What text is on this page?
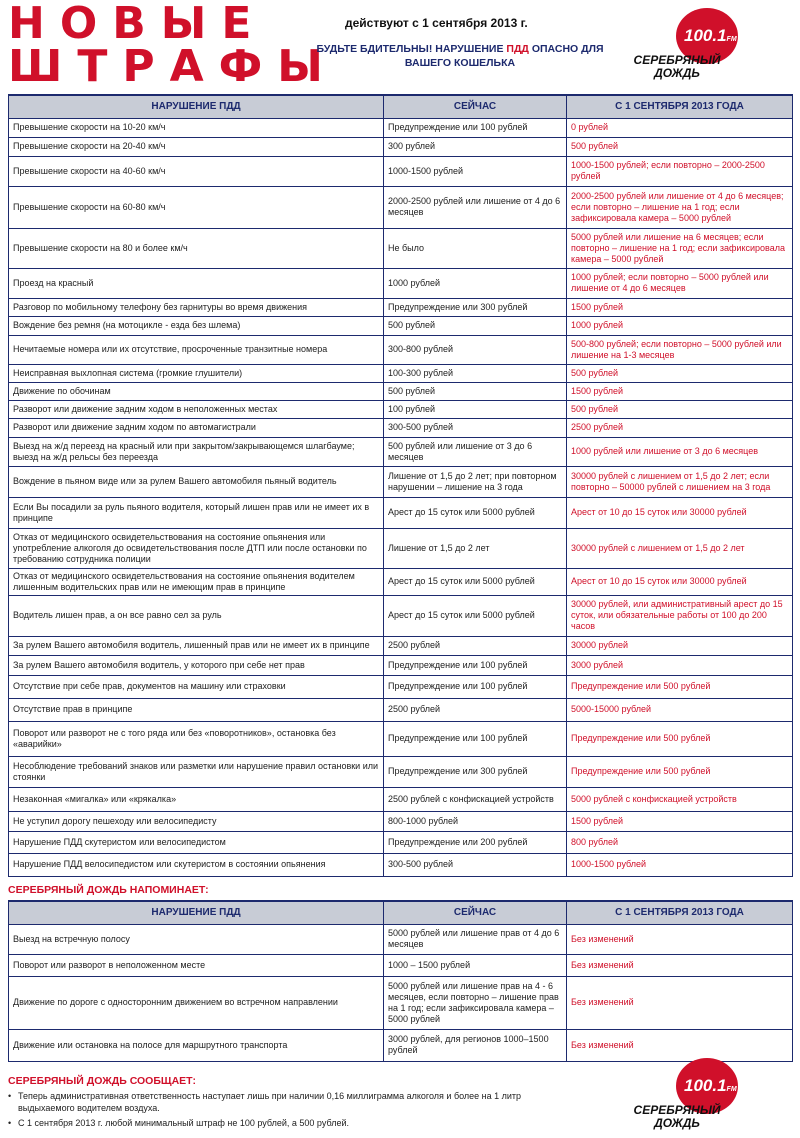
НОВЫЕ
ШТРАФЫ
действуют с 1 сентября 2013 г.
БУДЬТЕ БДИТЕЛЬНЫ! НАРУШЕНИЕ ПДД ОПАСНО ДЛЯ ВАШЕГО КОШЕЛЬКА
100.1FM
СЕРЕБРЯНЫЙ
ДОЖДЬ
НАРУШЕНИЕ ПДД	СЕЙЧАС	С 1 СЕНТЯБРЯ 2013 ГОДА
Превышение скорости на 10-20 км/ч	Предупреждение или 100 рублей	0 рублей
Превышение скорости на 20-40 км/ч	300 рублей	500 рублей
Превышение скорости на 40-60 км/ч	1000-1500 рублей	1000-1500 рублей; если повторно – 2000-2500 рублей
Превышение скорости на 60-80 км/ч	2000-2500 рублей или лишение от 4 до 6 месяцев	2000-2500 рублей или лишение от 4 до 6 месяцев; если повторно – лишение на 1 год; если зафиксировала камера – 5000 рублей
Превышение скорости на 80 и более км/ч	Не было	5000 рублей или лишение на 6 месяцев; если повторно – лишение на 1 год; если зафиксировала камера – 5000 рублей
Проезд на красный	1000 рублей	1000 рублей; если повторно – 5000 рублей или лишение от 4 до 6 месяцев
Разговор по мобильному телефону без гарнитуры во время движения	Предупреждение или 300 рублей	1500 рублей
Вождение без ремня (на мотоцикле - езда без шлема)	500 рублей	1000 рублей
Нечитаемые номера или их отсутствие, просроченные транзитные номера	300-800 рублей	500-800 рублей; если повторно – 5000 рублей или лишение на 1-3 месяцев
Неисправная выхлопная система (громкие глушители)	100-300 рублей	500 рублей
Движение по обочинам	500 рублей	1500 рублей
Разворот или движение задним ходом в неположенных местах	100 рублей	500 рублей
Разворот или движение задним ходом по автомагистрали	300-500 рублей	2500 рублей
Выезд на ж/д переезд на красный или при закрытом/закрывающемся шлагбауме; выезд на ж/д рельсы без переезда	500 рублей или лишение от 3 до 6 месяцев	1000 рублей или лишение от 3 до 6 месяцев
Вождение в пьяном виде или за рулем Вашего автомобиля пьяный водитель	Лишение от 1,5 до 2 лет; при повторном нарушении – лишение на 3 года	30000 рублей с лишением от 1,5 до 2 лет; если повторно – 50000 рублей с лишением на 3 года
Если Вы посадили за руль пьяного водителя, который лишен прав или не имеет их в принципе	Арест до 15 суток или 5000 рублей	Арест от 10 до 15 суток или 30000 рублей
Отказ от медицинского освидетельствования на состояние опьянения или употребление алкоголя до освидетельствования после ДТП или после остановки по требованию сотрудника полиции	Лишение от 1,5 до 2 лет	30000 рублей с лишением от 1,5 до 2 лет
Отказ от медицинского освидетельствования на состояние опьянения водителем лишенным водительских прав или не имеющим прав в принципе	Арест до 15 суток или 5000 рублей	Арест от 10 до 15 суток или 30000 рублей
Водитель лишен прав, а он все равно сел за руль	Арест до 15 суток или 5000 рублей	30000 рублей, или административный арест до 15 суток, или обязательные работы от 100 до 200 часов
За рулем Вашего автомобиля водитель, лишенный прав или не имеет их в принципе	2500 рублей	30000 рублей
За рулем Вашего автомобиля водитель, у которого при себе нет прав	Предупреждение или 100 рублей	3000 рублей
Отсутствие при себе прав, документов на машину или страховки	Предупреждение или 100 рублей	Предупреждение или 500 рублей
Отсутствие прав в принципе	2500 рублей	5000-15000 рублей
Поворот или разворот не с того ряда или без «поворотников», остановка без «аварийки»	Предупреждение или 100 рублей	Предупреждение или 500 рублей
Несоблюдение требований знаков или разметки или нарушение правил остановки или стоянки	Предупреждение или 300 рублей	Предупреждение или 500 рублей
Незаконная «мигалка» или «крякалка»	2500 рублей с конфискацией устройств	5000 рублей с конфискацией устройств
Не уступил дорогу пешеходу или велосипедисту	800-1000 рублей	1500 рублей
Нарушение ПДД скутеристом или велосипедистом	Предупреждение или 200 рублей	800 рублей
Нарушение ПДД велосипедистом или скутеристом в состоянии опьянения	300-500 рублей	1000-1500 рублей
СЕРЕБРЯНЫЙ ДОЖДЬ НАПОМИНАЕТ:
НАРУШЕНИЕ ПДД	СЕЙЧАС	С 1 СЕНТЯБРЯ 2013 ГОДА
Выезд на встречную полосу	5000 рублей или лишение прав от 4 до 6 месяцев	Без изменений
Поворот или разворот в неположенном месте	1000 – 1500 рублей	Без изменений
Движение по дороге с односторонним движением во встречном направлении	5000 рублей или лишение прав на 4 - 6 месяцев, если повторно – лишение прав на 1 год; если зафиксировала камера – 5000 рублей	Без изменений
Движение или остановка на полосе для маршрутного транспорта	3000 рублей, для регионов 1000–1500 рублей	Без изменений
СЕРЕБРЯНЫЙ ДОЖДЬ СООБЩАЕТ:
• Теперь административная ответственность наступает лишь при наличии 0,16 миллиграмма алкоголя и более на 1 литр выдыхаемого водителем воздуха.
• С 1 сентября 2013 г. любой минимальный штраф не 100 рублей, а 500 рублей.
100.1FM
СЕРЕБРЯНЫЙ
ДОЖДЬ
